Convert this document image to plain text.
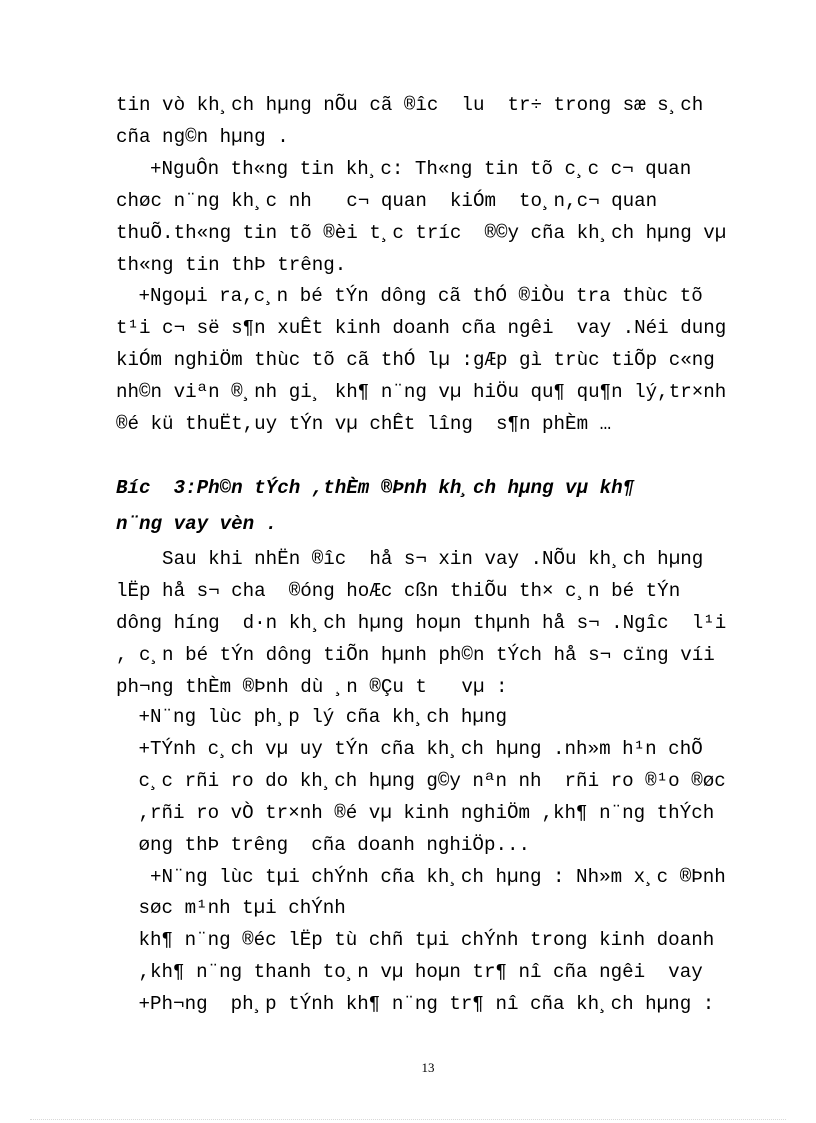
tin vò kh¸ch hµng nÕu cã ®îc  lu  tr÷ trong sæ s¸ch
cña ng©n hµng .
+NguÔn th«ng tin kh¸c: Th«ng tin tõ c¸c c¬ quan
chøc n¨ng kh¸c nh   c¬ quan  kiÓm  to¸n,c¬ quan
thuÕ.th«ng tin tõ ®èi t¸c tríc  ®©y cña kh¸ch hµng vµ
th«ng tin thÞ trêng.
+Ngoµi ra,c¸n bé tÝn dông cã thÓ ®iÒu tra thùc tõ
t¹i c¬ së s¶n xuÊt kinh doanh cña ngêi  vay .Néi dung
kiÓm nghiÖm thùc tõ cã thÓ lµ :gÆp gì trùc tiÕp c«ng
nh©n viªn ®¸nh gi¸ kh¶ n¨ng vµ hiÖu qu¶ qu¶n lý,tr×nh
®é kü thuËt,uy tÝn vµ chÊt lîng  s¶n phÈm …
Bíc  3:Ph©n tÝch ,thÈm ®Þnh kh¸ch hµng vµ kh¶
n¨ng vay vèn .
Sau khi nhËn ®îc  hå s¬ xin vay .NÕu kh¸ch hµng
lËp hå s¬ cha  ®óng hoÆc cßn thiÕu th× c¸n bé tÝn
dông híng  d·n kh¸ch hµng hoµn thµnh hå s¬ .Ngîc  l¹i
, c¸n bé tÝn dông tiÕn hµnh ph©n tÝch hå s¬ cïng víi
ph¬ng thÈm ®Þnh dù ¸n ®Çu t   vµ :
+N¨ng lùc ph¸p lý cña kh¸ch hµng
+TÝnh c¸ch vµ uy tÝn cña kh¸ch hµng .nh»m h¹n chÕ
c¸c rñi ro do kh¸ch hµng g©y nªn nh  rñi ro ®¹o ®øc
,rñi ro vÒ tr×nh ®é vµ kinh nghiÖm ,kh¶ n¨ng thÝch
øng thÞ trêng  cña doanh nghiÖp...
+N¨ng lùc tµi chÝnh cña kh¸ch hµng : Nh»m x¸c ®Þnh
søc m¹nh tµi chÝnh
kh¶ n¨ng ®éc lËp tù chñ tµi chÝnh trong kinh doanh
,kh¶ n¨ng thanh to¸n vµ hoµn tr¶ nî cña ngêi  vay
+Ph¬ng  ph¸p tÝnh kh¶ n¨ng tr¶ nî cña kh¸ch hµng :
13
